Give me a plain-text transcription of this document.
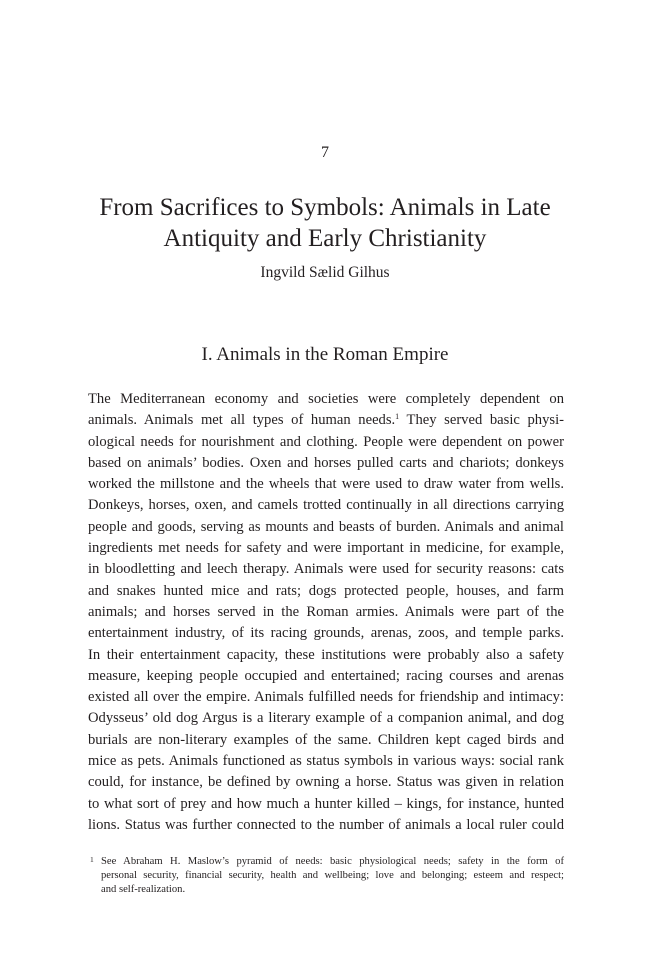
7
From Sacrifices to Symbols: Animals in Late
Antiquity and Early Christianity
Ingvild Sælid Gilhus
I. Animals in the Roman Empire
The Mediterranean economy and societies were completely dependent on
animals. Animals met all types of human needs.$^1$ They served basic physi-
ological needs for nourishment and clothing. People were dependent on power
based on animals’ bodies. Oxen and horses pulled carts and chariots; donkeys
worked the millstone and the wheels that were used to draw water from wells.
Donkeys, horses, oxen, and camels trotted continually in all directions carrying
people and goods, serving as mounts and beasts of burden. Animals and animal
ingredients met needs for safety and were important in medicine, for example,
in bloodletting and leech therapy. Animals were used for security reasons: cats
and snakes hunted mice and rats; dogs protected people, houses, and farm
animals; and horses served in the Roman armies. Animals were part of the
entertainment industry, of its racing grounds, arenas, zoos, and temple parks.
In their entertainment capacity, these institutions were probably also a safety
measure, keeping people occupied and entertained; racing courses and arenas
existed all over the empire. Animals fulfilled needs for friendship and intimacy:
Odysseus’ old dog Argus is a literary example of a companion animal, and dog
burials are non-literary examples of the same. Children kept caged birds and
mice as pets. Animals functioned as status symbols in various ways: social rank
could, for instance, be defined by owning a horse. Status was given in relation
to what sort of prey and how much a hunter killed – kings, for instance, hunted
lions. Status was further connected to the number of animals a local ruler could
1 See Abraham H. Maslow’s pyramid of needs: basic physiological needs; safety in the form of
personal security, financial security, health and wellbeing; love and belonging; esteem and respect;
and self-realization.
